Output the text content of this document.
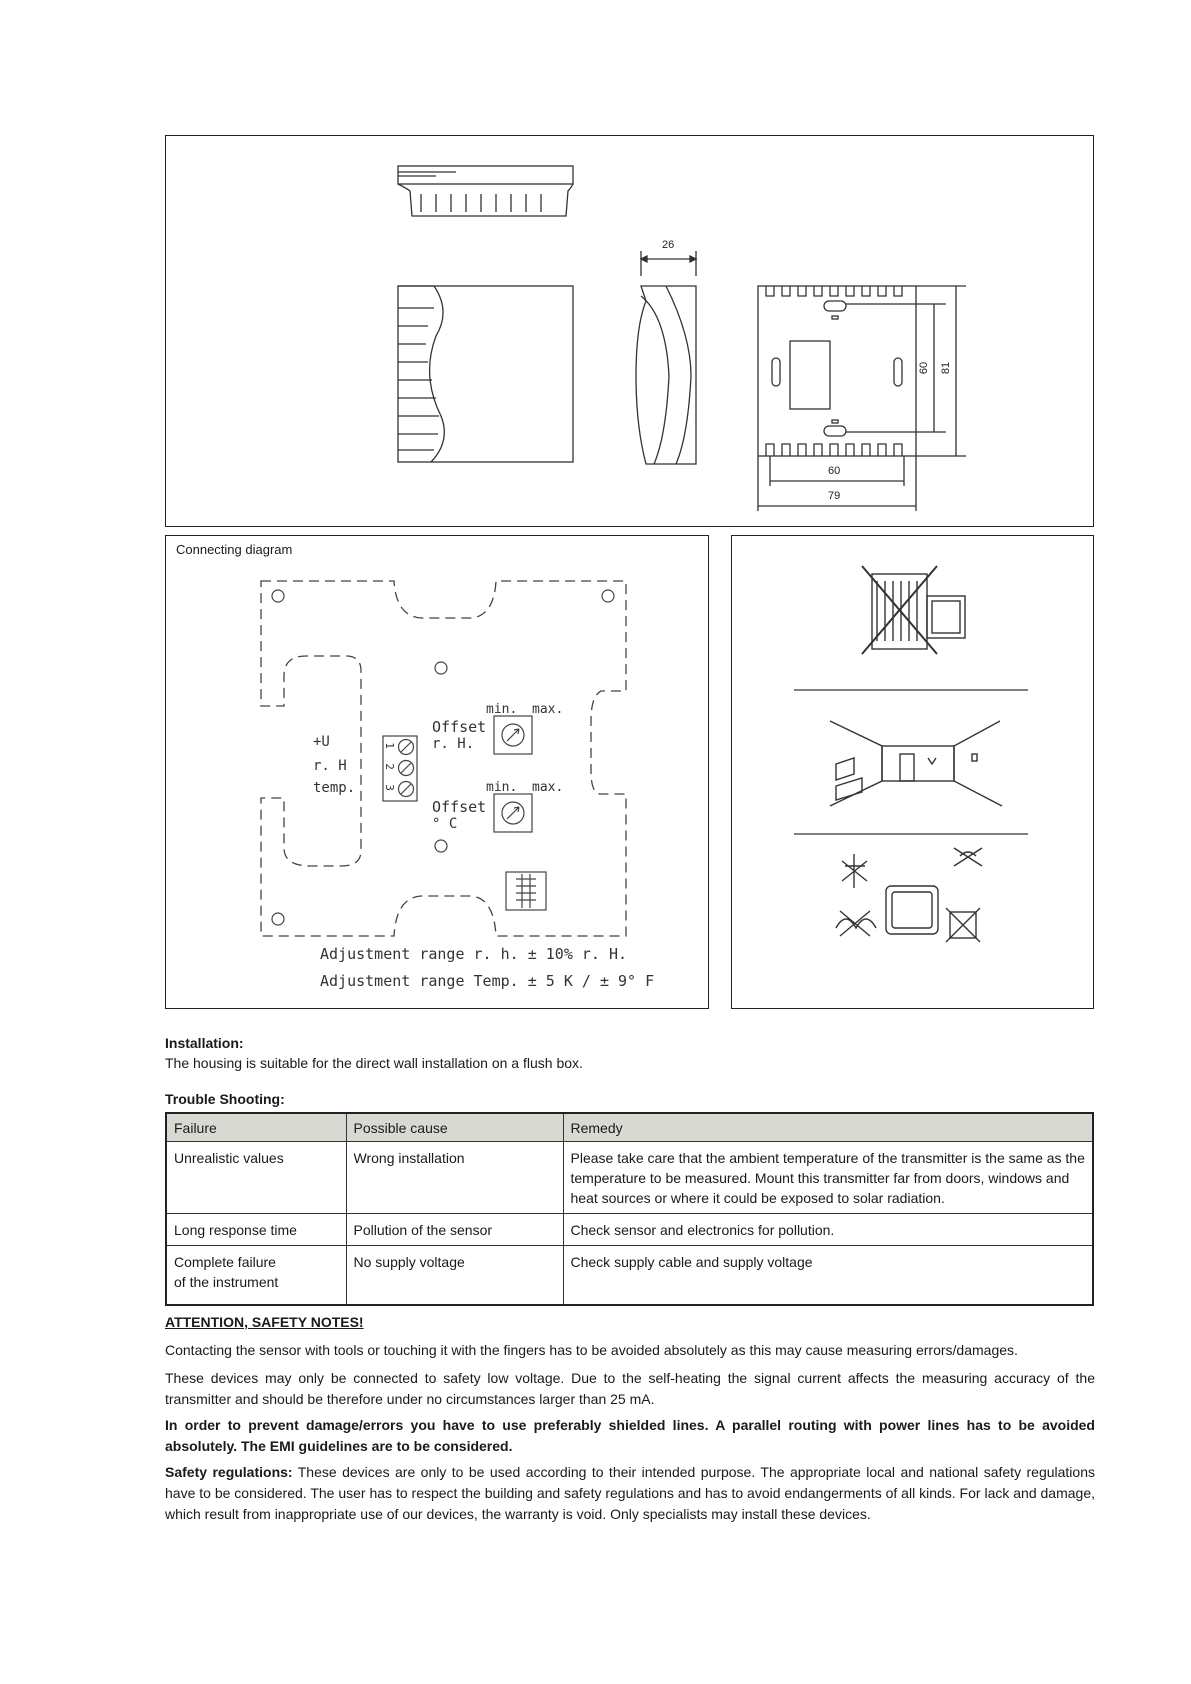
26
60 81
60
79
Connecting diagram
+U
r. H
temp.
1
2
3
min. max.
Offset
r. H.
min. max.
Offset
° C
Adjustment range r. h. ± 10% r. H.
Adjustment range Temp. ± 5 K / ± 9° F
Installation:
The housing is suitable for the direct wall installation on a flush box.
Trouble Shooting:
Failure	Possible cause	Remedy
Unrealistic values	Wrong installation	Please take care that the ambient temperature of the transmitter is the same as the temperature to be measured. Mount this transmitter far from doors, windows and heat sources or where it could be exposed to solar radiation.
Long response time	Pollution of the sensor	Check sensor and electronics for pollution.
Complete failure
of the instrument	No supply voltage	Check supply cable and supply voltage
ATTENTION, SAFETY NOTES!
Contacting the sensor with tools or touching it with the fingers has to be avoided absolutely as this may cause measuring errors/damages.
These devices may only be connected to safety low voltage. Due to the self-heating the signal current affects the measuring accuracy of the transmitter and should be therefore under no circumstances larger than 25 mA.
In order to prevent damage/errors you have to use preferably shielded lines. A parallel routing with power lines has to be avoided absolutely. The EMI guidelines are to be considered.
Safety regulations: These devices are only to be used according to their intended purpose. The appropriate local and national safety regulations have to be considered. The user has to respect the building and safety regulations and has to avoid endangerments of all kinds. For lack and damage, which result from inappropriate use of our devices, the warranty is void. Only specialists may install these devices.
